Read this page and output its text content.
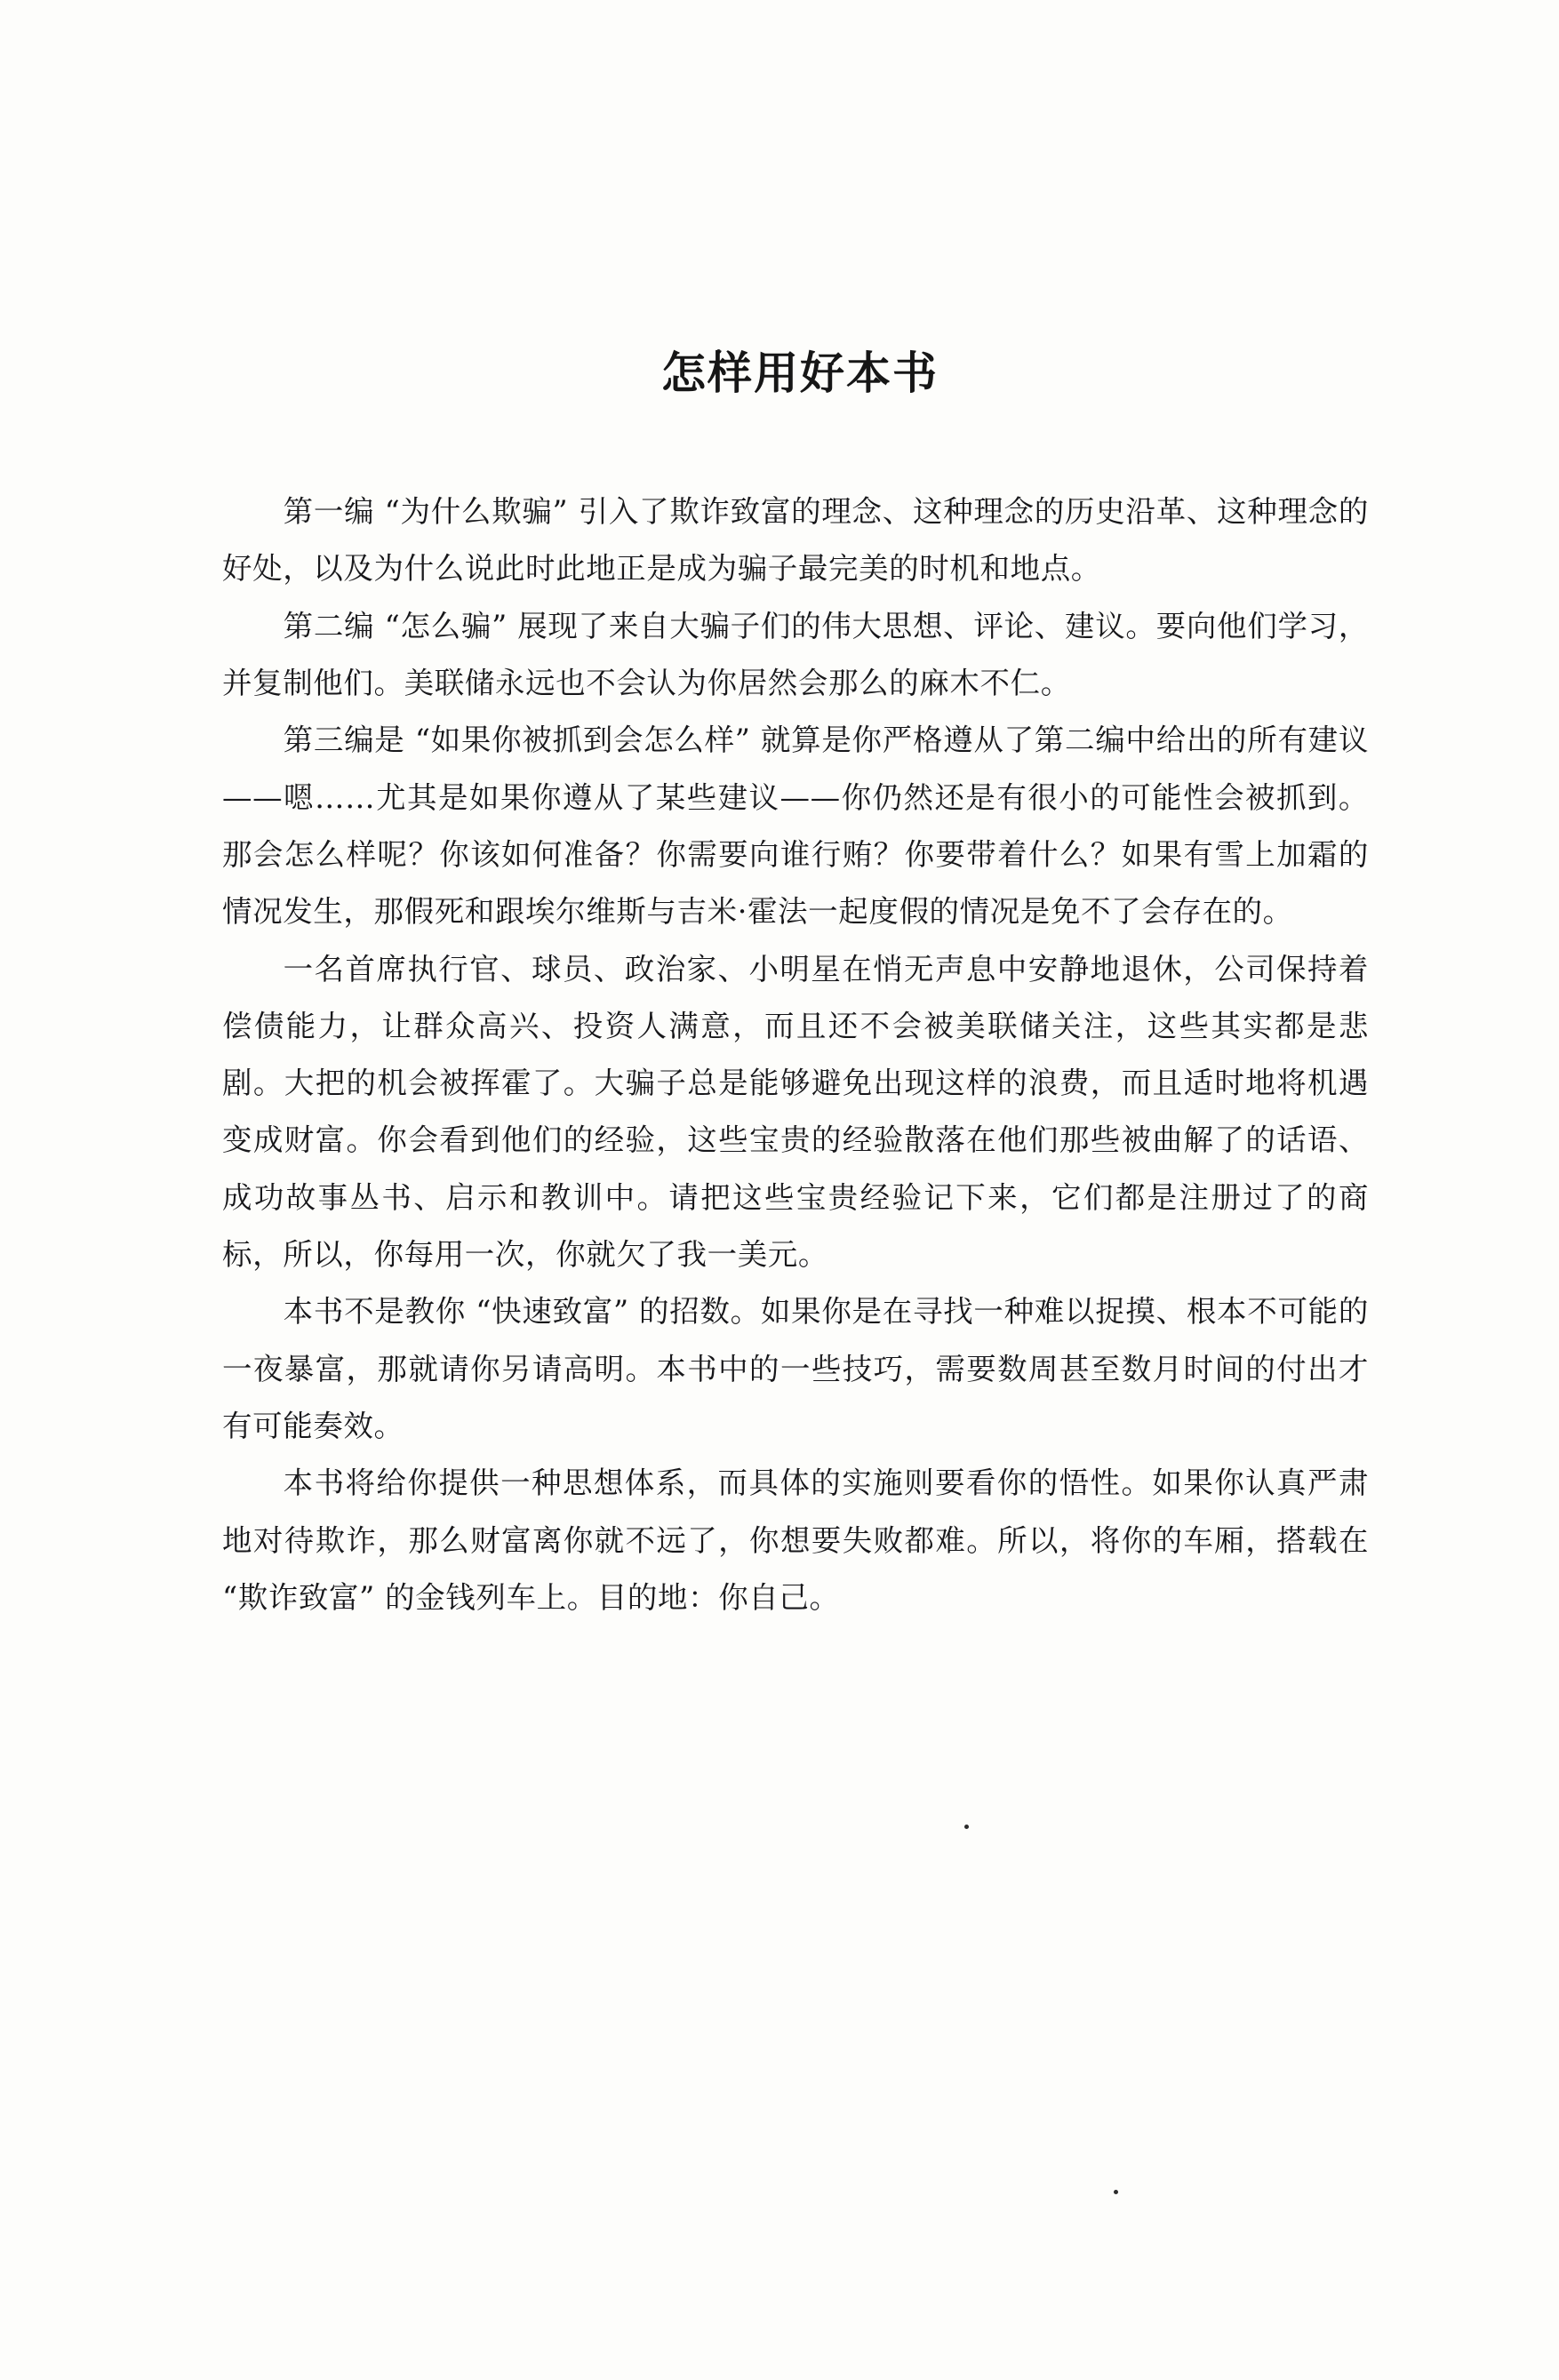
怎样用好本书

第一编 “为什么欺骗” 引入了欺诈致富的理念、这种理念的历史沿革、这种理念的好处，以及为什么说此时此地正是成为骗子最完美的时机和地点。

第二编 “怎么骗” 展现了来自大骗子们的伟大思想、评论、建议。要向他们学习，并复制他们。美联储永远也不会认为你居然会那么的麻木不仁。

第三编是 “如果你被抓到会怎么样” 就算是你严格遵从了第二编中给出的所有建议——嗯……尤其是如果你遵从了某些建议——你仍然还是有很小的可能性会被抓到。那会怎么样呢？你该如何准备？你需要向谁行贿？你要带着什么？如果有雪上加霜的情况发生，那假死和跟埃尔维斯与吉米·霍法一起度假的情况是免不了会存在的。

一名首席执行官、球员、政治家、小明星在悄无声息中安静地退休，公司保持着偿债能力，让群众高兴、投资人满意，而且还不会被美联储关注，这些其实都是悲剧。大把的机会被挥霍了。大骗子总是能够避免出现这样的浪费，而且适时地将机遇变成财富。你会看到他们的经验，这些宝贵的经验散落在他们那些被曲解了的话语、成功故事丛书、启示和教训中。请把这些宝贵经验记下来，它们都是注册过了的商标，所以，你每用一次，你就欠了我一美元。

本书不是教你 “快速致富” 的招数。如果你是在寻找一种难以捉摸、根本不可能的一夜暴富，那就请你另请高明。本书中的一些技巧，需要数周甚至数月时间的付出才有可能奏效。

本书将给你提供一种思想体系，而具体的实施则要看你的悟性。如果你认真严肃地对待欺诈，那么财富离你就不远了，你想要失败都难。所以，将你的车厢，搭载在 “欺诈致富” 的金钱列车上。目的地：你自己。
